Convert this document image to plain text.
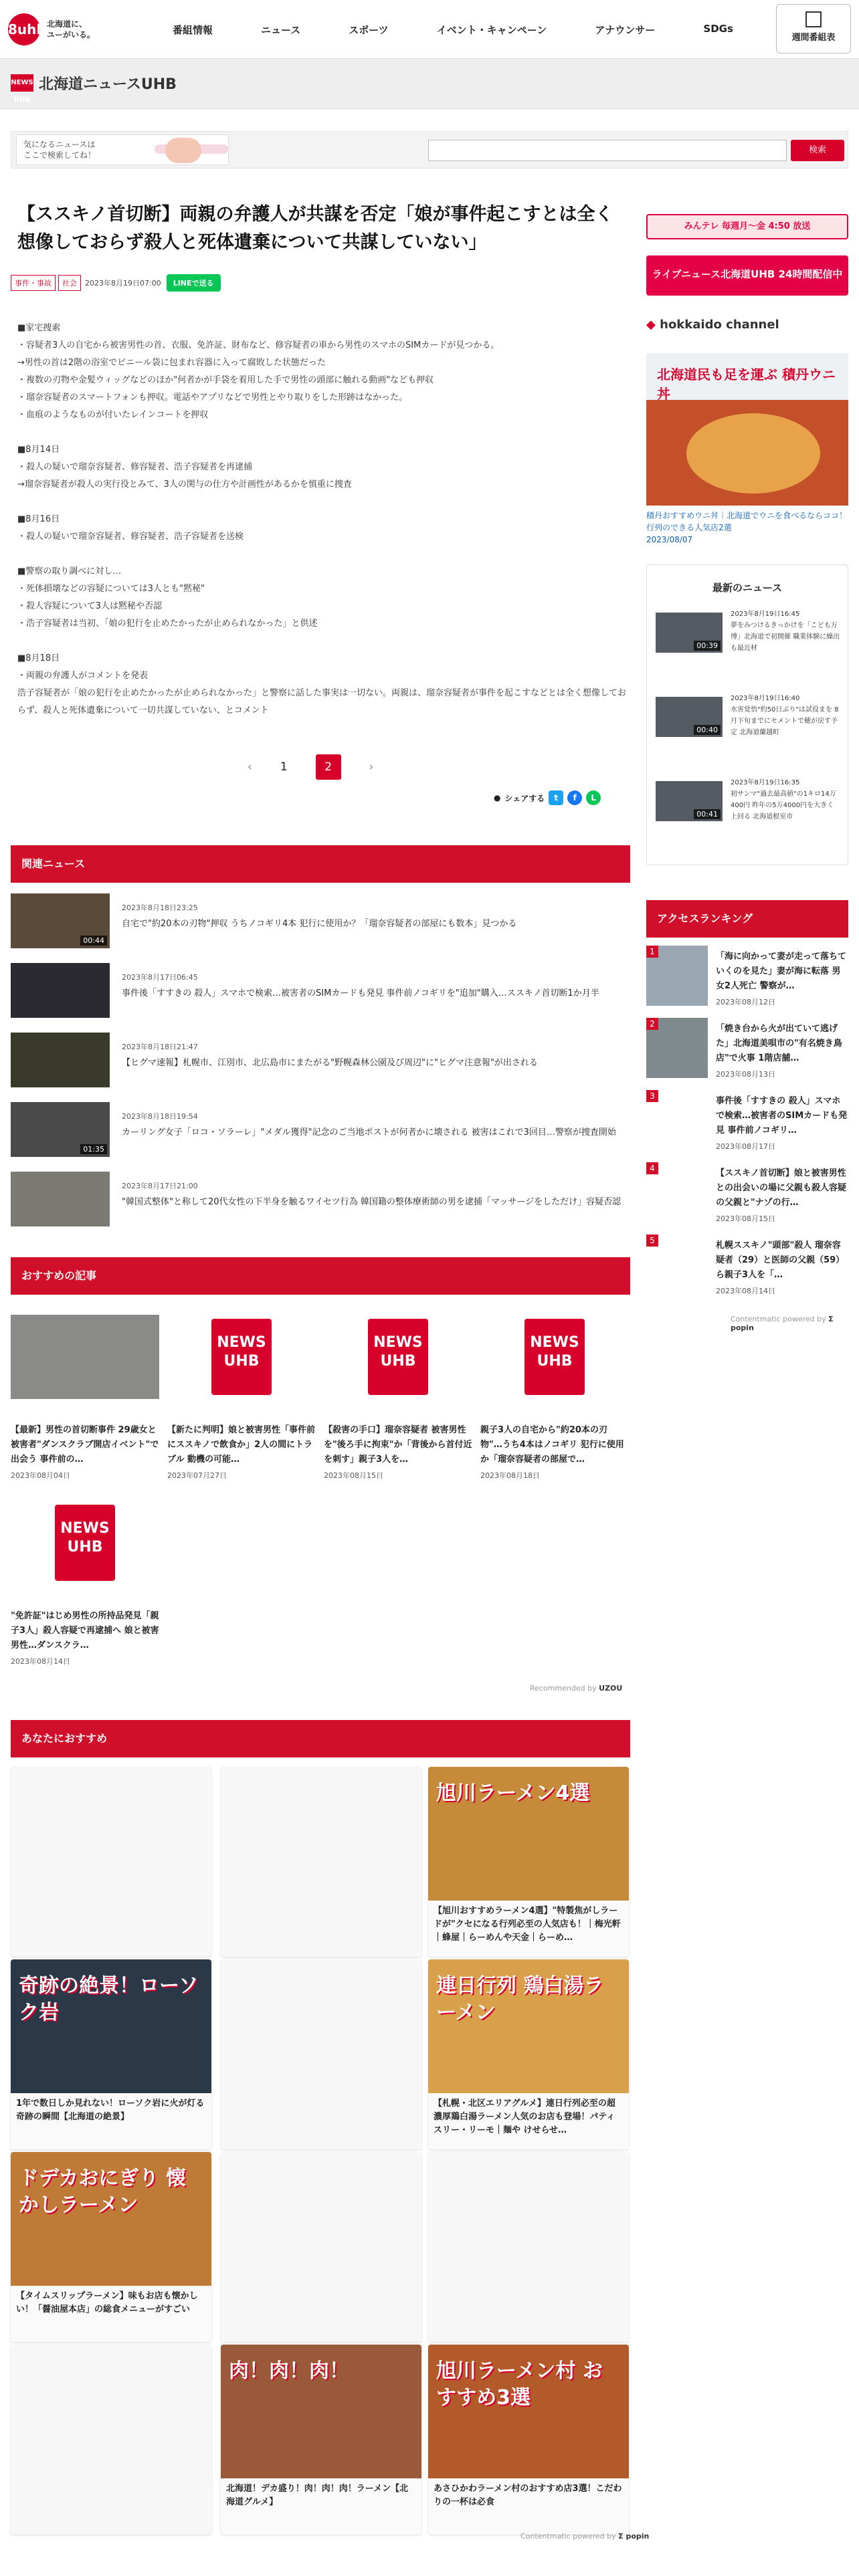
8uhb 北海道に、
ユーがいる。	番組情報	ニュース	スポーツ	イベント・キャンペーン	アナウンサー	SDGs
週間番組表
NEWS UHB
北海道ニュースUHB
気になるニュースは
ここで検索してね！	検索
【ススキノ首切断】両親の弁護人が共謀を否定「娘が事件起こすとは全く想像しておらず殺人と死体遺棄について共謀していない」
事件・事故	社会	2023年8月19日07:00	LINEで送る

■家宅捜索

・容疑者3人の自宅から被害男性の首、衣服、免許証、財布など、修容疑者の車から男性のスマホのSIMカードが見つかる。

→男性の首は2階の浴室でビニール袋に包まれ容器に入って腐敗した状態だった

・複数の刃物や金髪ウィッグなどのほか"何者かが手袋を着用した手で男性の頭部に触れる動画"なども押収

・瑠奈容疑者のスマートフォンも押収。電話やアプリなどで男性とやり取りをした形跡はなかった。

・血痕のようなものが付いたレインコートを押収

■8月14日

・殺人の疑いで瑠奈容疑者、修容疑者、浩子容疑者を再逮捕

→瑠奈容疑者が殺人の実行役とみて、3人の関与の仕方や計画性があるかを慎重に捜査

■8月16日

・殺人の疑いで瑠奈容疑者、修容疑者、浩子容疑者を送検

■警察の取り調べに対し…

・死体損壊などの容疑については3人とも"黙秘"

・殺人容疑について3人は黙秘や否認

・浩子容疑者は当初、「娘の犯行を止めたかったが止められなかった」と供述

■8月18日

・両親の弁護人がコメントを発表

浩子容疑者が「娘の犯行を止めたかったが止められなかった」と警察に話した事実は一切ない。両親は、瑠奈容疑者が事件を起こすなどとは全く想像しておらず、殺人と死体遺棄について一切共謀していない、とコメント

‹ 1	2	›
● シェアする	t	f	L
関連ニュース
00:44
2023年8月18日23:25
自宅で"約20本の刃物"押収 うちノコギリ4本 犯行に使用か？「瑠奈容疑者の部屋にも数本」見つかる
2023年8月17日06:45
事件後「すすきの 殺人」スマホで検索…被害者のSIMカードも発見 事件前ノコギリを"追加"購入…ススキノ首切断1か月半
2023年8月18日21:47
【ヒグマ速報】札幌市、江別市、北広島市にまたがる"野幌森林公園及び周辺"に"ヒグマ注意報"が出される
01:35
2023年8月18日19:54
カーリング女子「ロコ・ソラーレ」"メダル獲得"記念のご当地ポストが何者かに壊される 被害はこれで3回目…警察が捜査開始
2023年8月17日21:00
"韓国式整体"と称して20代女性の下半身を触るワイセツ行為 韓国籍の整体療術師の男を逮捕「マッサージをしただけ」容疑否認
おすすめの記事
【最新】男性の首切断事件 29歳女と被害者"ダンスクラブ開店イベント"で出会う 事件前の…
2023年08月04日
NEWS UHB
【新たに判明】娘と被害男性「事件前にススキノで飲食か」2人の間にトラブル 動機の可能…
2023年07月27日
NEWS UHB
【殺害の手口】瑠奈容疑者 被害男性を"後ろ手に拘束"か「背後から首付近を刺す」親子3人を…
2023年08月15日
NEWS UHB
親子3人の自宅から"約20本の刃物"…うち4本はノコギリ 犯行に使用か「瑠奈容疑者の部屋で…
2023年08月18日
NEWS UHB
"免許証"はじめ男性の所持品発見「親子3人」殺人容疑で再逮捕へ 娘と被害男性…ダンスクラ…
2023年08月14日
Recommended by UZOU
あなたにおすすめ
旭川ラーメン4選
【旭川おすすめラーメン4選】"特製焦がしラードが"クセになる行列必至の人気店も！｜梅光軒｜蜂屋｜らーめんや天金｜らーめ…
奇跡の絶景！ローソク岩
1年で数日しか見れない！ローソク岩に火が灯る奇跡の瞬間【北海道の絶景】
連日行列 鶏白湯ラーメン
【札幌・北区エリアグルメ】連日行列必至の超濃厚鶏白湯ラーメン人気のお店も登場！パティスリー・リーモ｜麺や けせらせ…
ドデカおにぎり 懐かしラーメン
【タイムスリップラーメン】味もお店も懐かしい！「醤油屋本店」の総食メニューがすごい
肉！肉！肉！
北海道！デカ盛り！肉！肉！肉！ラーメン【北海道グルメ】
旭川ラーメン村 おすすめ3選
あさひかわラーメン村のおすすめ店3選！こだわりの一杯は必食
Contentmatic powered by Σ popin
みんテレ 毎週月～金 4:50 放送
ライブニュース北海道UHB 24時間配信中
◆ hokkaido channel
北海道民も足を運ぶ 積丹ウニ丼
積丹おすすめウニ丼｜北海道でウニを食べるならココ！行列のできる人気店2選
2023/08/07
最新のニュース
00:39
2023年8月19日16:45
夢をみつけるきっかけを「こども万博」北海道で初開催 職業体験に繰出も最近材
00:40
2023年8月19日16:40
水害覚悟"約50日ぶり"は試役まを 8月下旬までにセメントで穂が戻す予定 北海道蘭越町
00:41
2023年8月19日16:35
初サンマ"過去最高値"の1キロ14万400円 昨年の5万4000円を大きく上回る 北海道根室市
アクセスランキング
1	「海に向かって妻が走って落ちていくのを見た」妻が海に転落 男女2人死亡 警察が…
2023年08月12日
2	「焼き台から火が出ていて逃げた」北海道美唄市の"有名焼き鳥店"で火事 1階店舗…
2023年08月13日
3	事件後「すすきの 殺人」スマホで検索…被害者のSIMカードも発見 事件前ノコギリ…
2023年08月17日
4	【ススキノ首切断】娘と被害男性との出会いの場に父親も殺人容疑の父親と"ナゾの行…
2023年08月15日
5	札幌ススキノ"頭部"殺人 瑠奈容疑者（29）と医師の父親（59）ら親子3人を「…
2023年08月14日
Contentmatic powered by Σ popin
